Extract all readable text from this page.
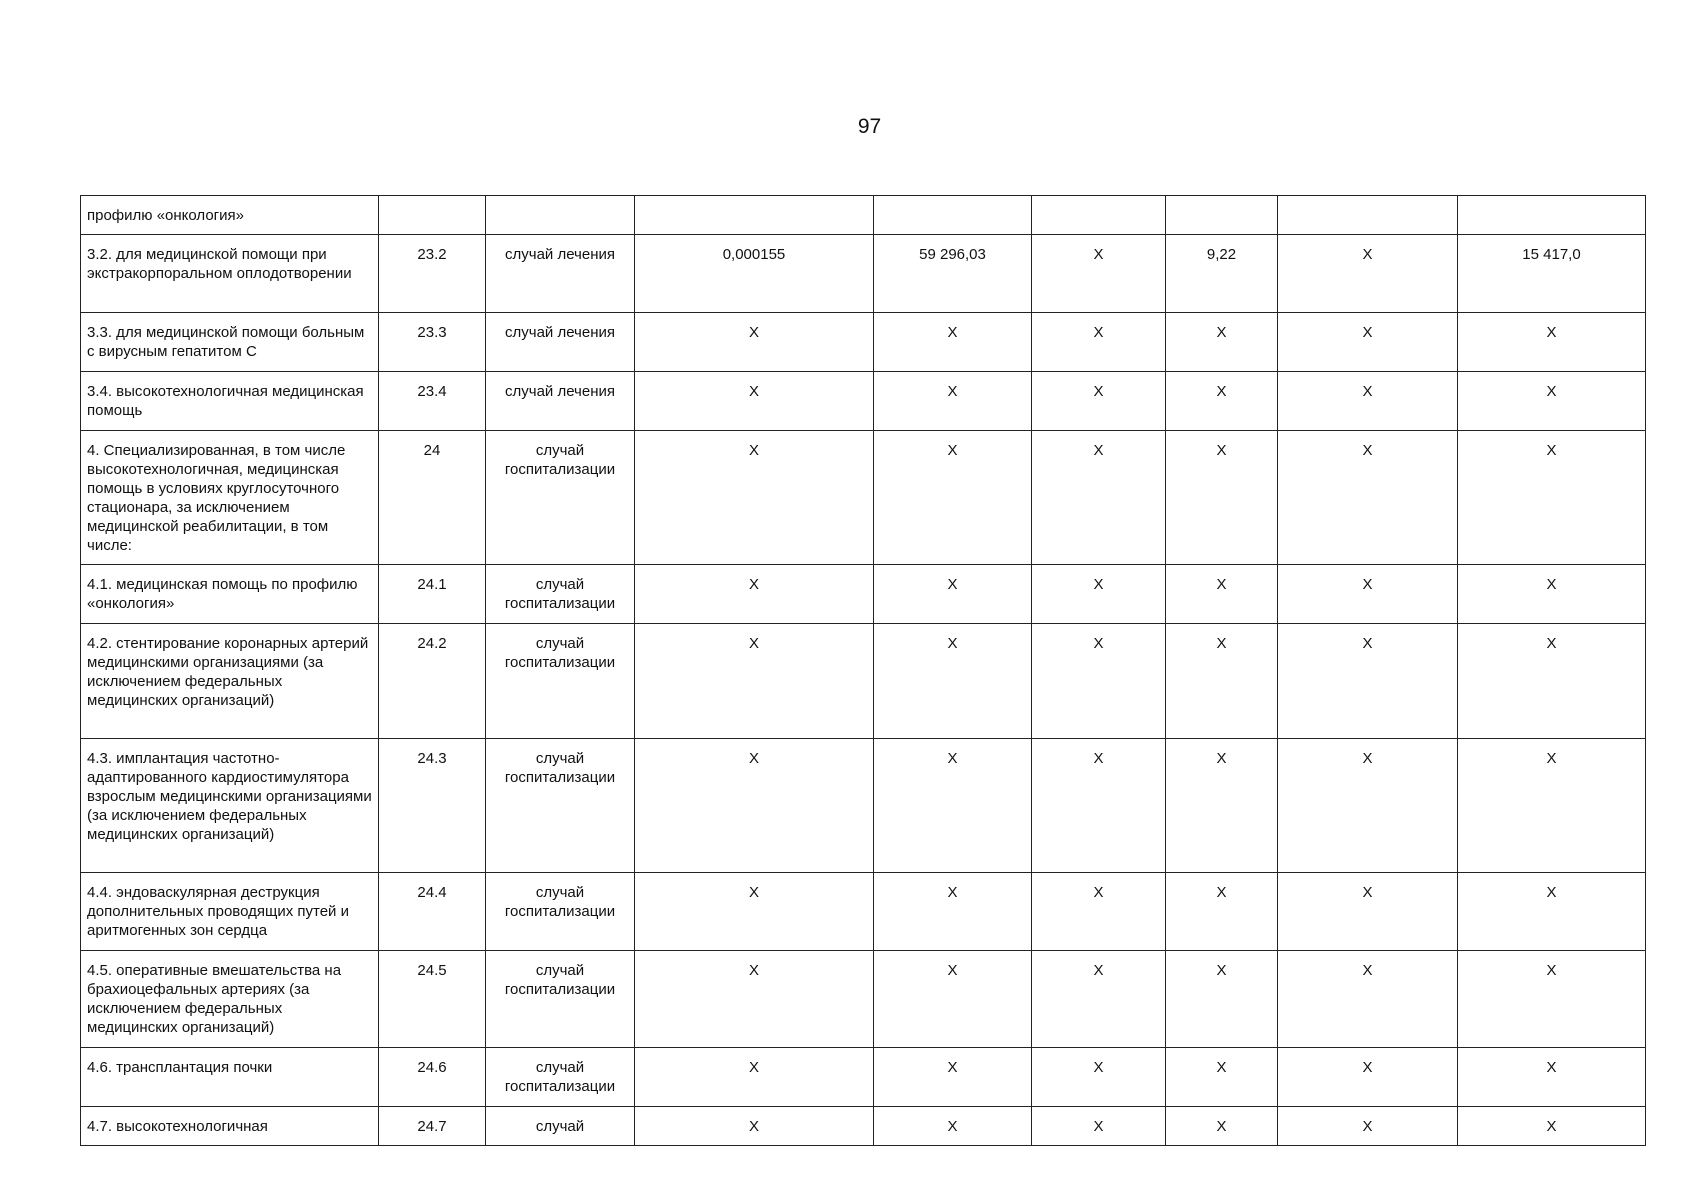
97
профилю «онкология»								
3.2. для медицинской помощи при экстракорпоральном оплодотворении	23.2	случай лечения	0,000155	59 296,03	X	9,22	X	15 417,0
3.3. для медицинской помощи больным с вирусным гепатитом С	23.3	случай лечения	X	X	X	X	X	X
3.4. высокотехнологичная медицинская помощь	23.4	случай лечения	X	X	X	X	X	X
4. Специализированная, в том числе высокотехнологичная, медицинская помощь в условиях круглосуточного стационара, за исключением медицинской реабилитации, в том числе:	24	случай госпитализации	X	X	X	X	X	X
4.1. медицинская помощь по профилю «онкология»	24.1	случай госпитализации	X	X	X	X	X	X
4.2. стентирование коронарных артерий медицинскими организациями (за исключением федеральных медицинских организаций)	24.2	случай госпитализации	X	X	X	X	X	X
4.3. имплантация частотно-адаптированного кардиостимулятора взрослым медицинскими организациями (за исключением федеральных медицинских организаций)	24.3	случай госпитализации	X	X	X	X	X	X
4.4. эндоваскулярная деструкция дополнительных проводящих путей и аритмогенных зон сердца	24.4	случай госпитализации	X	X	X	X	X	X
4.5. оперативные вмешательства на брахиоцефальных артериях (за исключением федеральных медицинских организаций)	24.5	случай госпитализации	X	X	X	X	X	X
4.6. трансплантация почки	24.6	случай госпитализации	X	X	X	X	X	X
4.7. высокотехнологичная	24.7	случай	X	X	X	X	X	X
